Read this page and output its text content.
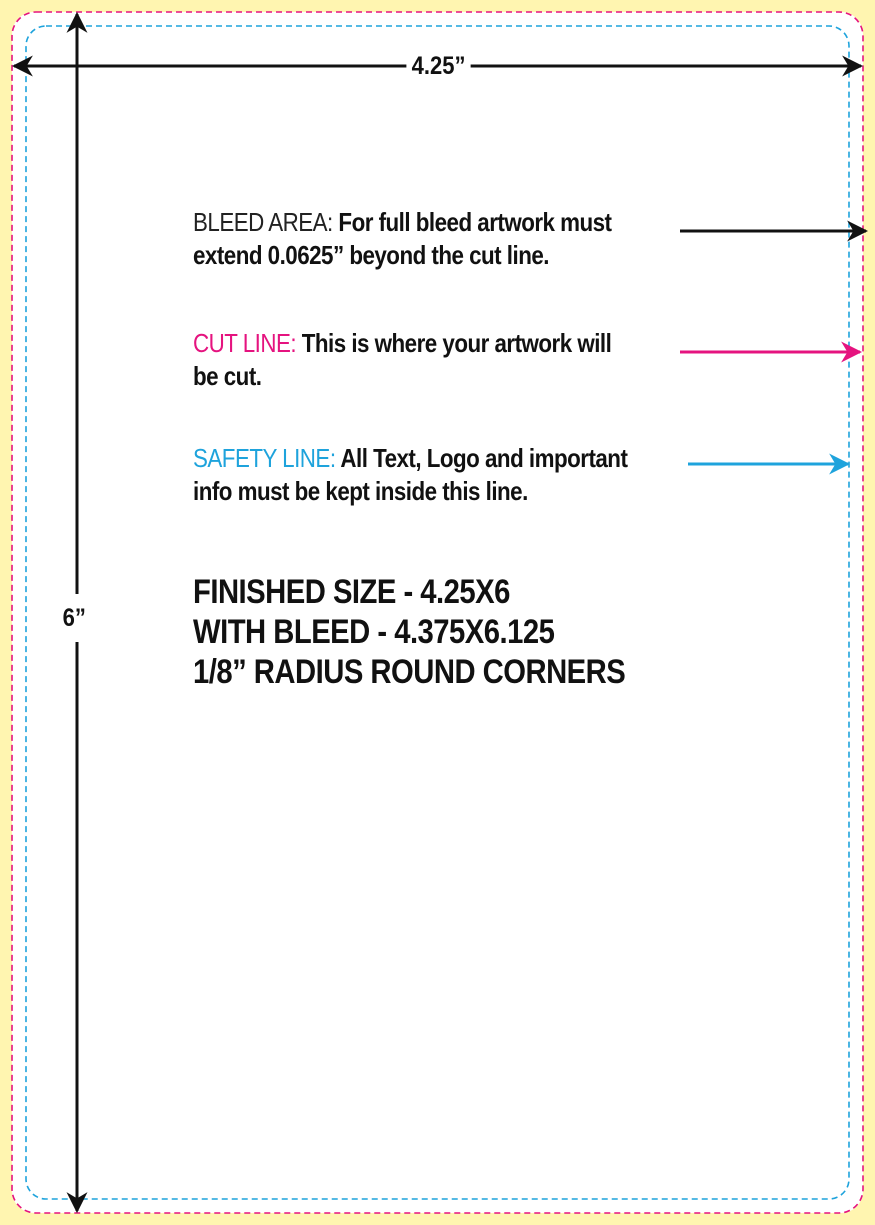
4.25”
6”
BLEED AREA: For full bleed artwork must
extend 0.0625” beyond the cut line.
CUT LINE: This is where your artwork will
be cut.
SAFETY LINE: All Text, Logo and important
info must be kept inside this line.
FINISHED SIZE - 4.25X6
WITH BLEED - 4.375X6.125
1/8” RADIUS ROUND CORNERS
